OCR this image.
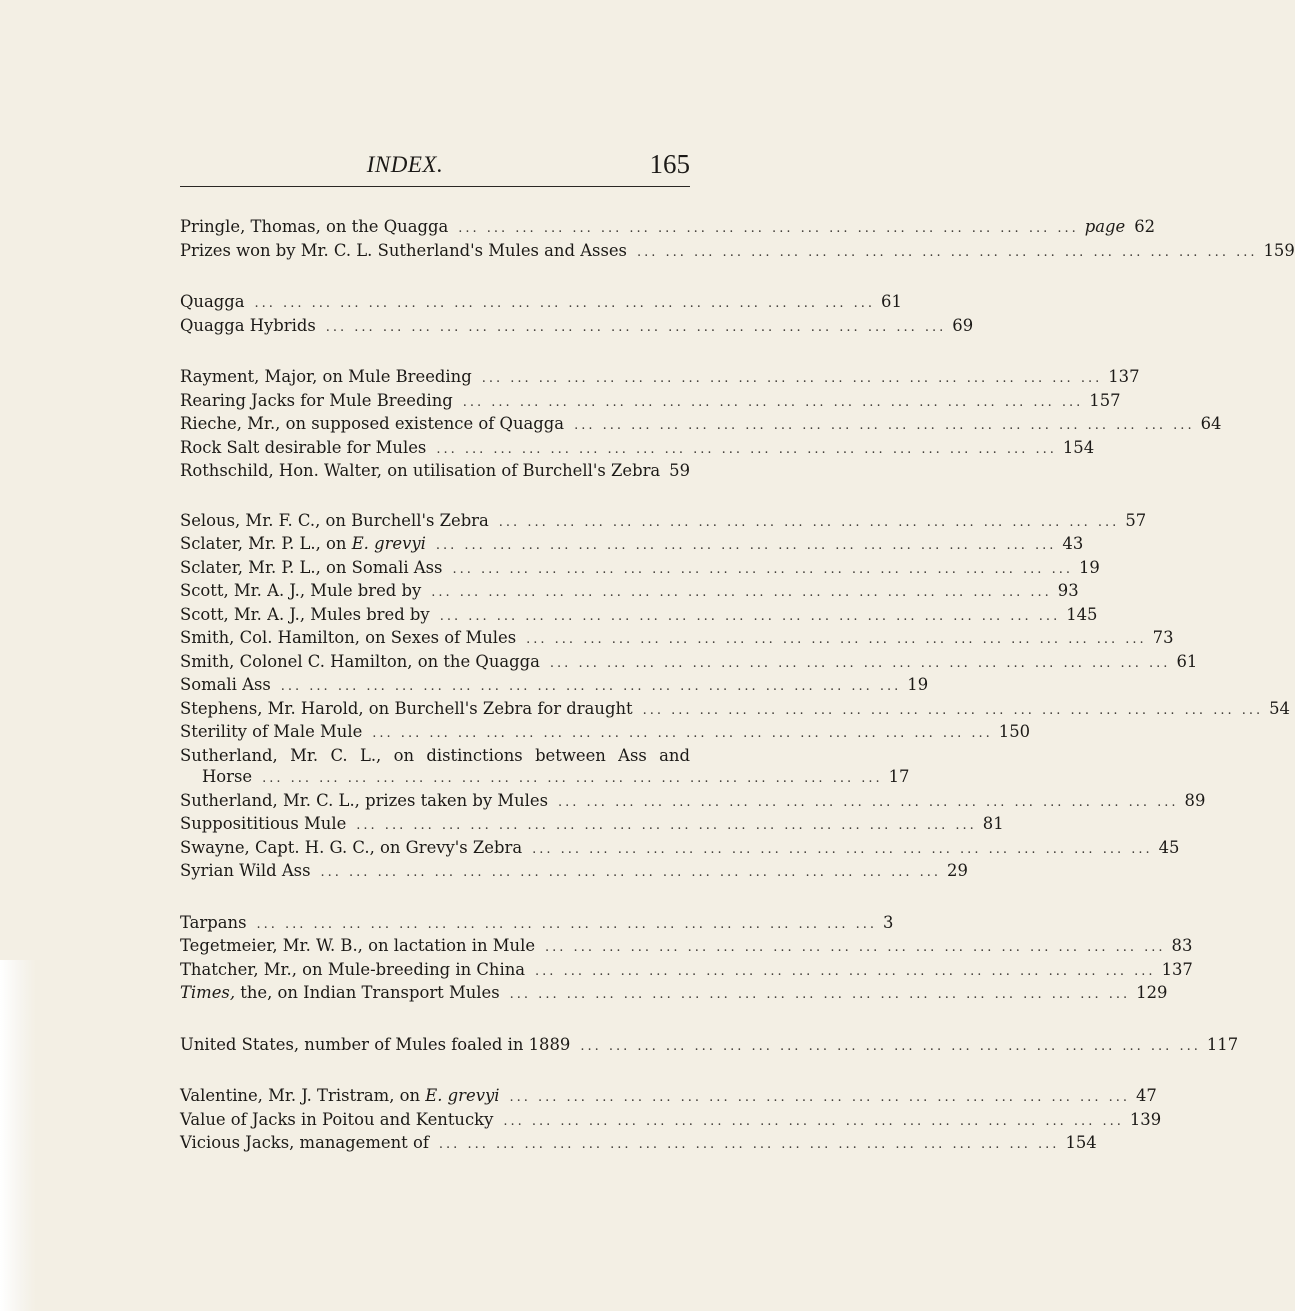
INDEX.	165
Pringle, Thomas, on the Quagga ... .	page 62
Prizes won by Mr. C. L. Sutherland's Mules and Asses ... .	159
Quagga ... .	61
Quagga Hybrids ... .	69
Rayment, Major, on Mule Breeding ... .	137
Rearing Jacks for Mule Breeding ... .	157
Rieche, Mr., on supposed existence of Quagga ... .	64
Rock Salt desirable for Mules ... .	154
Rothschild, Hon. Walter, on utilisation of Burchell's Zebra 59
Selous, Mr. F. C., on Burchell's Zebra ... .	57
Sclater, Mr. P. L., on E. grevyi ... .	43
Sclater, Mr. P. L., on Somali Ass ... .	19
Scott, Mr. A. J., Mule bred by ... .	93
Scott, Mr. A. J., Mules bred by ... .	145
Smith, Col. Hamilton, on Sexes of Mules ... .	73
Smith, Colonel C. Hamilton, on the Quagga ... .	61
Somali Ass ... .	19
Stephens, Mr. Harold, on Burchell's Zebra for draught ... .	54
Sterility of Male Mule ... .	150
Sutherland, Mr. C. L., on distinctions between Ass and
Horse ... .	17
Sutherland, Mr. C. L., prizes taken by Mules ... .	89
Supposititious Mule ... .	81
Swayne, Capt. H. G. C., on Grevy's Zebra ... .	45
Syrian Wild Ass ... .	29
Tarpans ... .	3
Tegetmeier, Mr. W. B., on lactation in Mule ... .	83
Thatcher, Mr., on Mule-breeding in China ... .	137
Times, the, on Indian Transport Mules ... .	129
United States, number of Mules foaled in 1889 ... .	117
Valentine, Mr. J. Tristram, on E. grevyi ... .	47
Value of Jacks in Poitou and Kentucky ... .	139
Vicious Jacks, management of ... .	154
